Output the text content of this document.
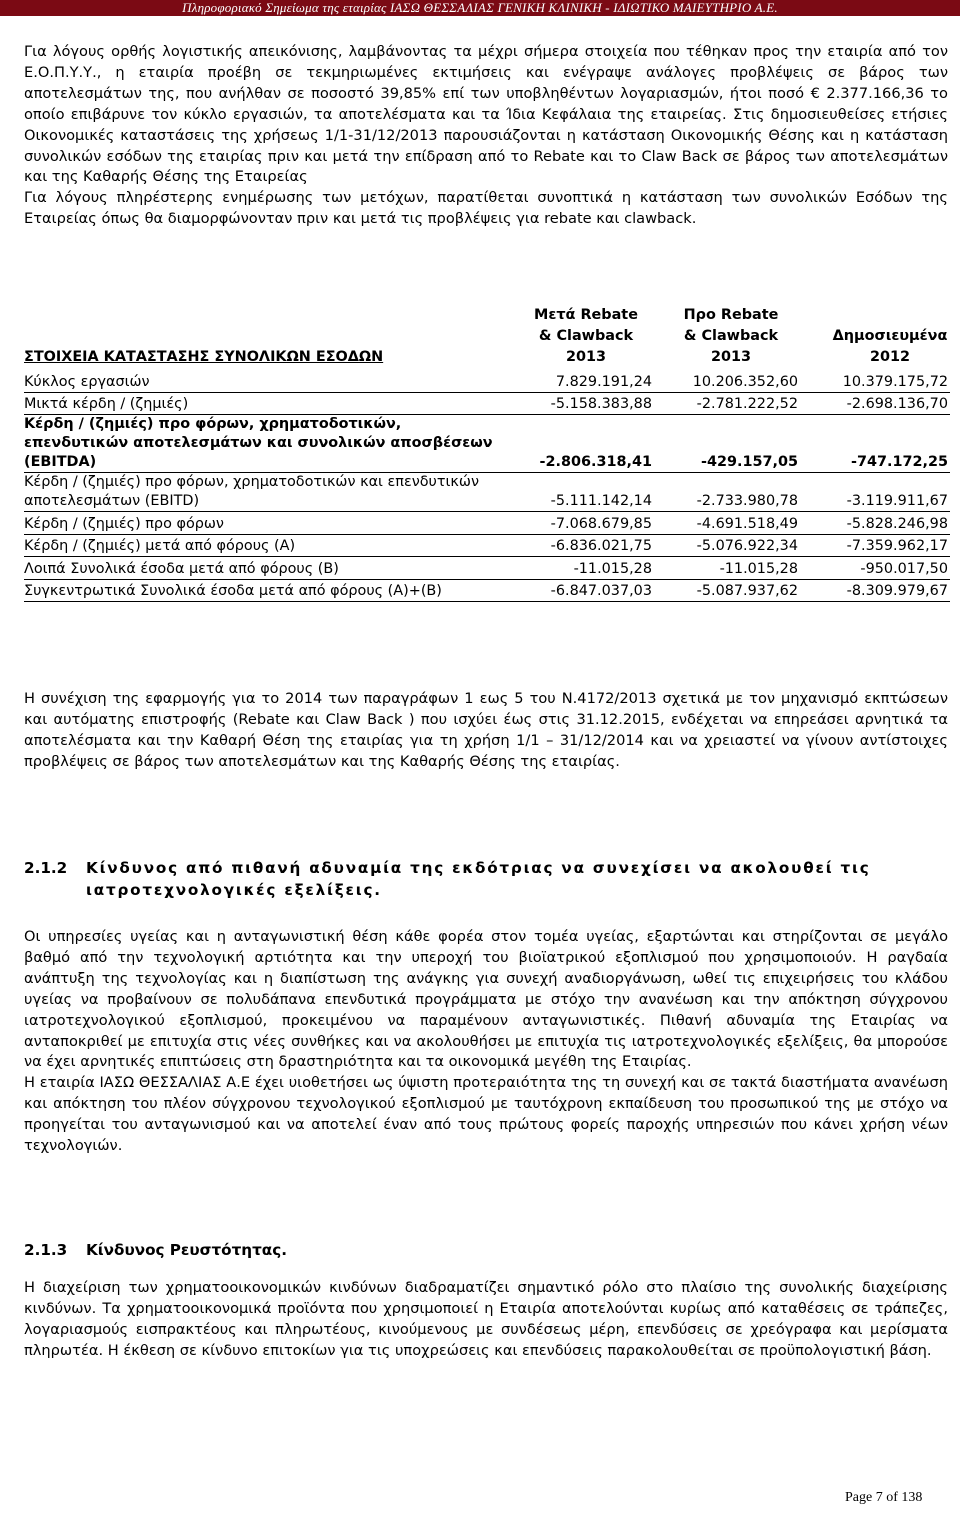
Πληροφοριακό Σημείωμα της εταιρίας ΙΑΣΩ ΘΕΣΣΑΛΙΑΣ ΓΕΝΙΚΗ ΚΛΙΝΙΚΗ - ΙΔΙΩΤΙΚΟ ΜΑΙΕΥΤΗΡΙΟ Α.Ε.

Για λόγους ορθής λογιστικής απεικόνισης, λαμβάνοντας τα μέχρι σήμερα στοιχεία που τέθηκαν προς την εταιρία από τον Ε.Ο.Π.Υ.Υ., η εταιρία προέβη σε τεκμηριωμένες εκτιμήσεις και ενέγραψε ανάλογες προβλέψεις σε βάρος των αποτελεσμάτων της, που ανήλθαν σε ποσοστό 39,85% επί των υποβληθέντων λογαριασμών, ήτοι ποσό € 2.377.166,36 το οποίο επιβάρυνε τον κύκλο εργασιών, τα αποτελέσματα και τα Ίδια Κεφάλαια της εταιρείας. Στις δημοσιευθείσες ετήσιες Οικονομικές καταστάσεις της χρήσεως 1/1-31/12/2013 παρουσιάζονται η κατάσταση Οικονομικής Θέσης και η κατάσταση συνολικών εσόδων της εταιρίας πριν και μετά την επίδραση από το Rebate και το Claw Back σε βάρος των αποτελεσμάτων και της Καθαρής Θέσης της Εταιρείας

Για λόγους πληρέστερης ενημέρωσης των μετόχων, παρατίθεται συνοπτικά η κατάσταση των συνολικών Εσόδων της Εταιρείας όπως θα διαμορφώνονταν πριν και μετά τις προβλέψεις για rebate και clawback.

ΣΤΟΙΧΕΙΑ ΚΑΤΑΣΤΑΣΗΣ ΣΥΝΟΛΙΚΩΝ ΕΣΟΔΩΝ	Μετά Rebate & Clawback 2013	Προ Rebate & Clawback 2013	Δημοσιευμένα 2012
Κύκλος εργασιών	7.829.191,24	10.206.352,60	10.379.175,72
Μικτά κέρδη / (ζημιές)	-5.158.383,88	-2.781.222,52	-2.698.136,70
Κέρδη / (ζημιές) προ φόρων, χρηματοδοτικών, επενδυτικών αποτελεσμάτων και συνολικών αποσβέσεων (EBITDA)	-2.806.318,41	-429.157,05	-747.172,25
Κέρδη / (ζημιές) προ φόρων, χρηματοδοτικών και επενδυτικών αποτελεσμάτων (EBITD)	-5.111.142,14	-2.733.980,78	-3.119.911,67
Κέρδη / (ζημιές) προ φόρων	-7.068.679,85	-4.691.518,49	-5.828.246,98
Κέρδη / (ζημιές) μετά από φόρους (Α)	-6.836.021,75	-5.076.922,34	-7.359.962,17
Λοιπά Συνολικά έσοδα μετά από φόρους (Β)	-11.015,28	-11.015,28	-950.017,50
Συγκεντρωτικά Συνολικά έσοδα μετά από φόρους (Α)+(Β)	-6.847.037,03	-5.087.937,62	-8.309.979,67

Η συνέχιση της εφαρμογής για το 2014 των παραγράφων 1 εως 5 του Ν.4172/2013 σχετικά με τον μηχανισμό εκπτώσεων και αυτόματης επιστροφής (Rebate και Claw Back ) που ισχύει έως στις 31.12.2015, ενδέχεται να επηρεάσει αρνητικά τα αποτελέσματα και την Καθαρή Θέση της εταιρίας για τη χρήση 1/1 – 31/12/2014 και να χρειαστεί να γίνουν αντίστοιχες προβλέψεις σε βάρος των αποτελεσμάτων και της Καθαρής Θέσης της εταιρίας.

2.1.2	Κίνδυνος από πιθανή αδυναμία της εκδότριας να συνεχίσει να ακολουθεί τις ιατροτεχνολογικές εξελίξεις.

Οι υπηρεσίες υγείας και η ανταγωνιστική θέση κάθε φορέα στον τομέα υγείας, εξαρτώνται και στηρίζονται σε μεγάλο βαθμό από την τεχνολογική αρτιότητα και την υπεροχή του βιοϊατρικού εξοπλισμού που χρησιμοποιούν. Η ραγδαία ανάπτυξη της τεχνολογίας και η διαπίστωση της ανάγκης για συνεχή αναδιοργάνωση, ωθεί τις επιχειρήσεις του κλάδου υγείας να προβαίνουν σε πολυδάπανα επενδυτικά προγράμματα με στόχο την ανανέωση και την απόκτηση σύγχρονου ιατροτεχνολογικού εξοπλισμού, προκειμένου να παραμένουν ανταγωνιστικές. Πιθανή αδυναμία της Εταιρίας να ανταποκριθεί με επιτυχία στις νέες συνθήκες και να ακολουθήσει με επιτυχία τις ιατροτεχνολογικές εξελίξεις, θα μπορούσε να έχει αρνητικές επιπτώσεις στη δραστηριότητα και τα οικονομικά μεγέθη της Εταιρίας.

Η εταιρία ΙΑΣΩ ΘΕΣΣΑΛΙΑΣ Α.Ε έχει υιοθετήσει ως ύψιστη προτεραιότητα της τη συνεχή και σε τακτά διαστήματα ανανέωση και απόκτηση του πλέον σύγχρονου τεχνολογικού εξοπλισμού με ταυτόχρονη εκπαίδευση του προσωπικού της με στόχο να προηγείται του ανταγωνισμού και να αποτελεί έναν από τους πρώτους φορείς παροχής υπηρεσιών που κάνει χρήση νέων τεχνολογιών.

2.1.3 Κίνδυνος Ρευστότητας.

Η διαχείριση των χρηματοοικονομικών κινδύνων διαδραματίζει σημαντικό ρόλο στο πλαίσιο της συνολικής διαχείρισης κινδύνων. Τα χρηματοοικονομικά προϊόντα που χρησιμοποιεί η Εταιρία αποτελούνται κυρίως από καταθέσεις σε τράπεζες, λογαριασμούς εισπρακτέους και πληρωτέους, κινούμενους με συνδέσεως μέρη, επενδύσεις σε χρεόγραφα και μερίσματα πληρωτέα. Η έκθεση σε κίνδυνο επιτοκίων για τις υποχρεώσεις και επενδύσεις παρακολουθείται σε προϋπολογιστική βάση.

Page 7 of 138
